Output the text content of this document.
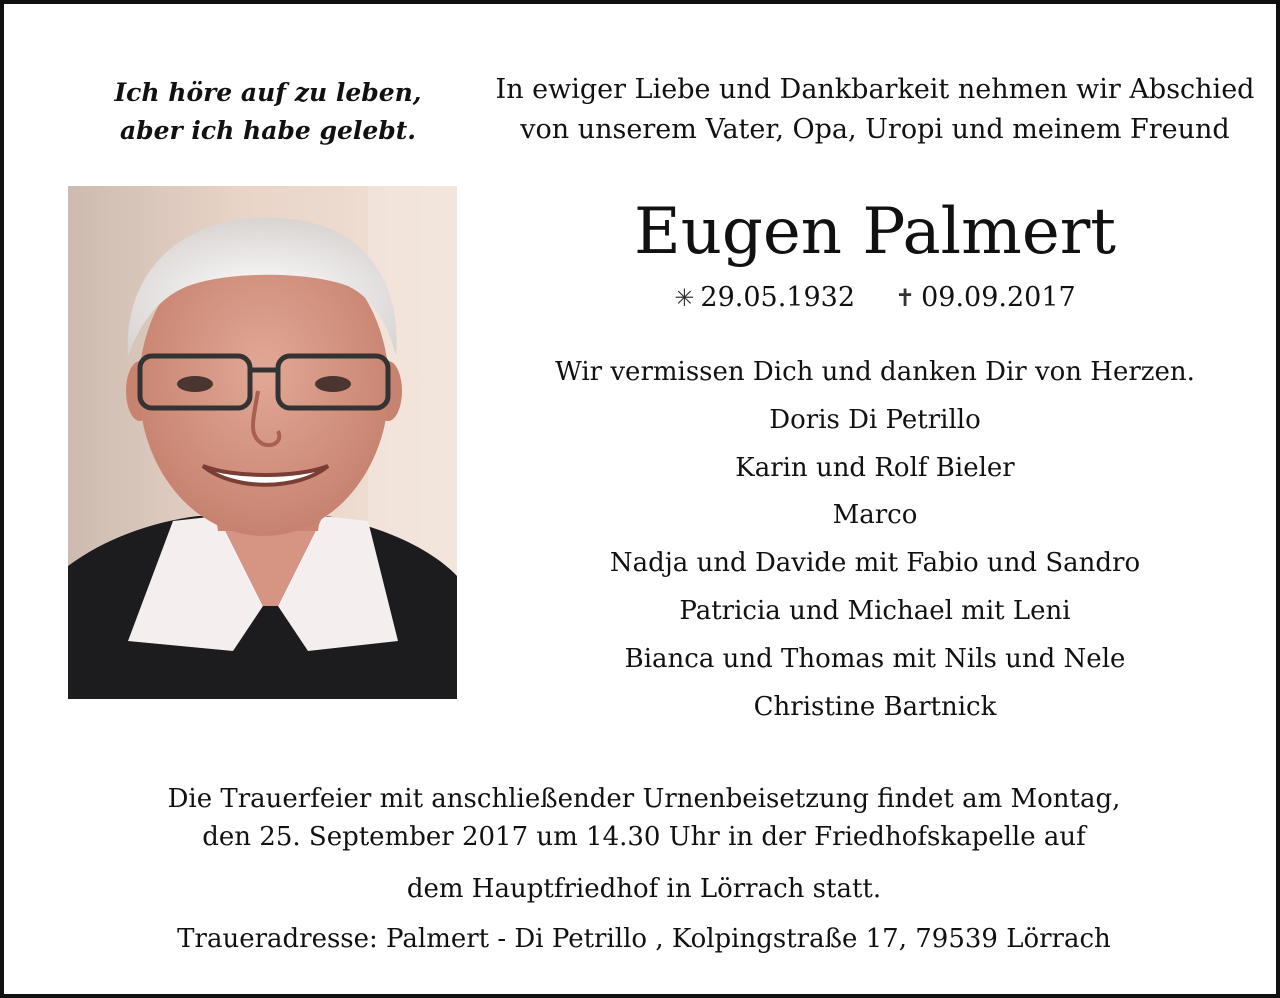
Ich höre auf zu leben,
aber ich habe gelebt.
In ewiger Liebe und Dankbarkeit nehmen wir Abschied
von unserem Vater, Opa, Uropi und meinem Freund
Eugen Palmert
✳ 29.05.1932 ✝ 09.09.2017
Wir vermissen Dich und danken Dir von Herzen.
Doris Di Petrillo
Karin und Rolf Bieler
Marco
Nadja und Davide mit Fabio und Sandro
Patricia und Michael mit Leni
Bianca und Thomas mit Nils und Nele
Christine Bartnick
Die Trauerfeier mit anschließender Urnenbeisetzung findet am Montag,
den 25. September 2017 um 14.30 Uhr in der Friedhofskapelle auf
dem Hauptfriedhof in Lörrach statt.
Traueradresse: Palmert - Di Petrillo , Kolpingstraße 17, 79539 Lörrach
